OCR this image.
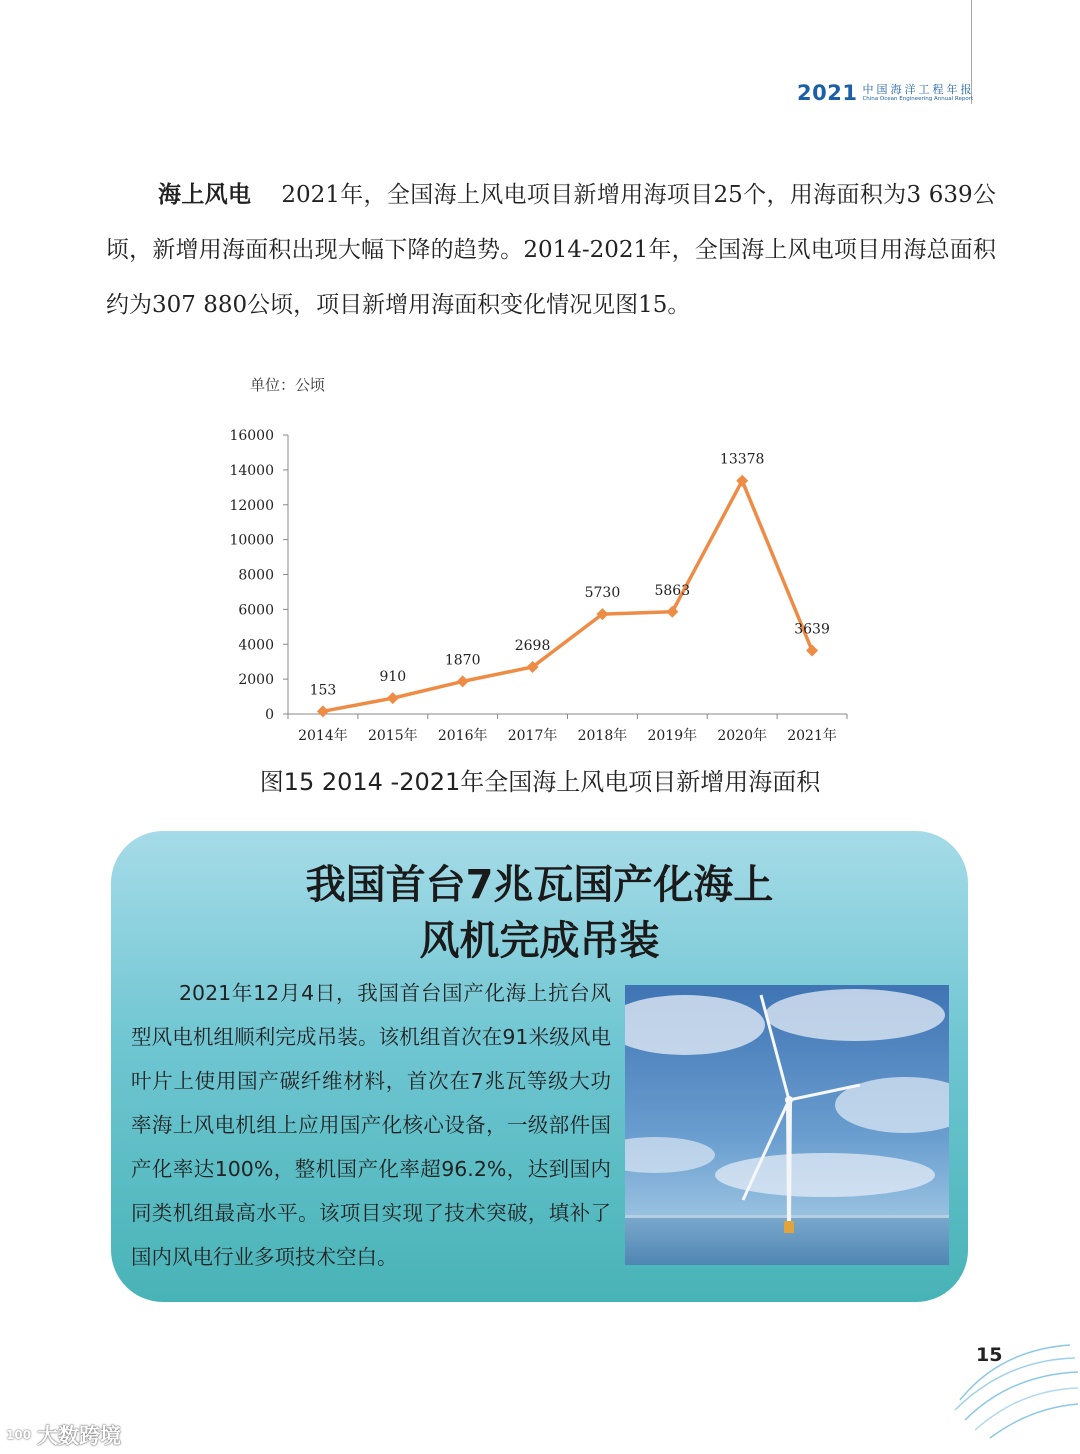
2021 中国海洋工程年报
China Ocean Engineering Annual Report
海上风电 2021年，全国海上风电项目新增用海项目25个，用海面积为3 639公顷，新增用海面积出现大幅下降的趋势。2014-2021年，全国海上风电项目用海总面积约为307 880公顷，项目新增用海面积变化情况见图15。
单位：公顷
0
2000
4000
6000
8000
10000
12000
14000
16000
2014年 2015年 2016年 2017年 2018年 2019年 2020年 2021年
153
910
1870
2698
5730 5863
13378
3639
图15 2014 -2021年全国海上风电项目新增用海面积
我国首台7兆瓦国产化海上
风机完成吊装
2021年12月4日，我国首台国产化海上抗台风型风电机组顺利完成吊装。该机组首次在91米级风电叶片上使用国产碳纤维材料，首次在7兆瓦等级大功率海上风电机组上应用国产化核心设备，一级部件国产化率达100%，整机国产化率超96.2%，达到国内同类机组最高水平。该项目实现了技术突破，填补了国内风电行业多项技术空白。
15
100 大数跨境
